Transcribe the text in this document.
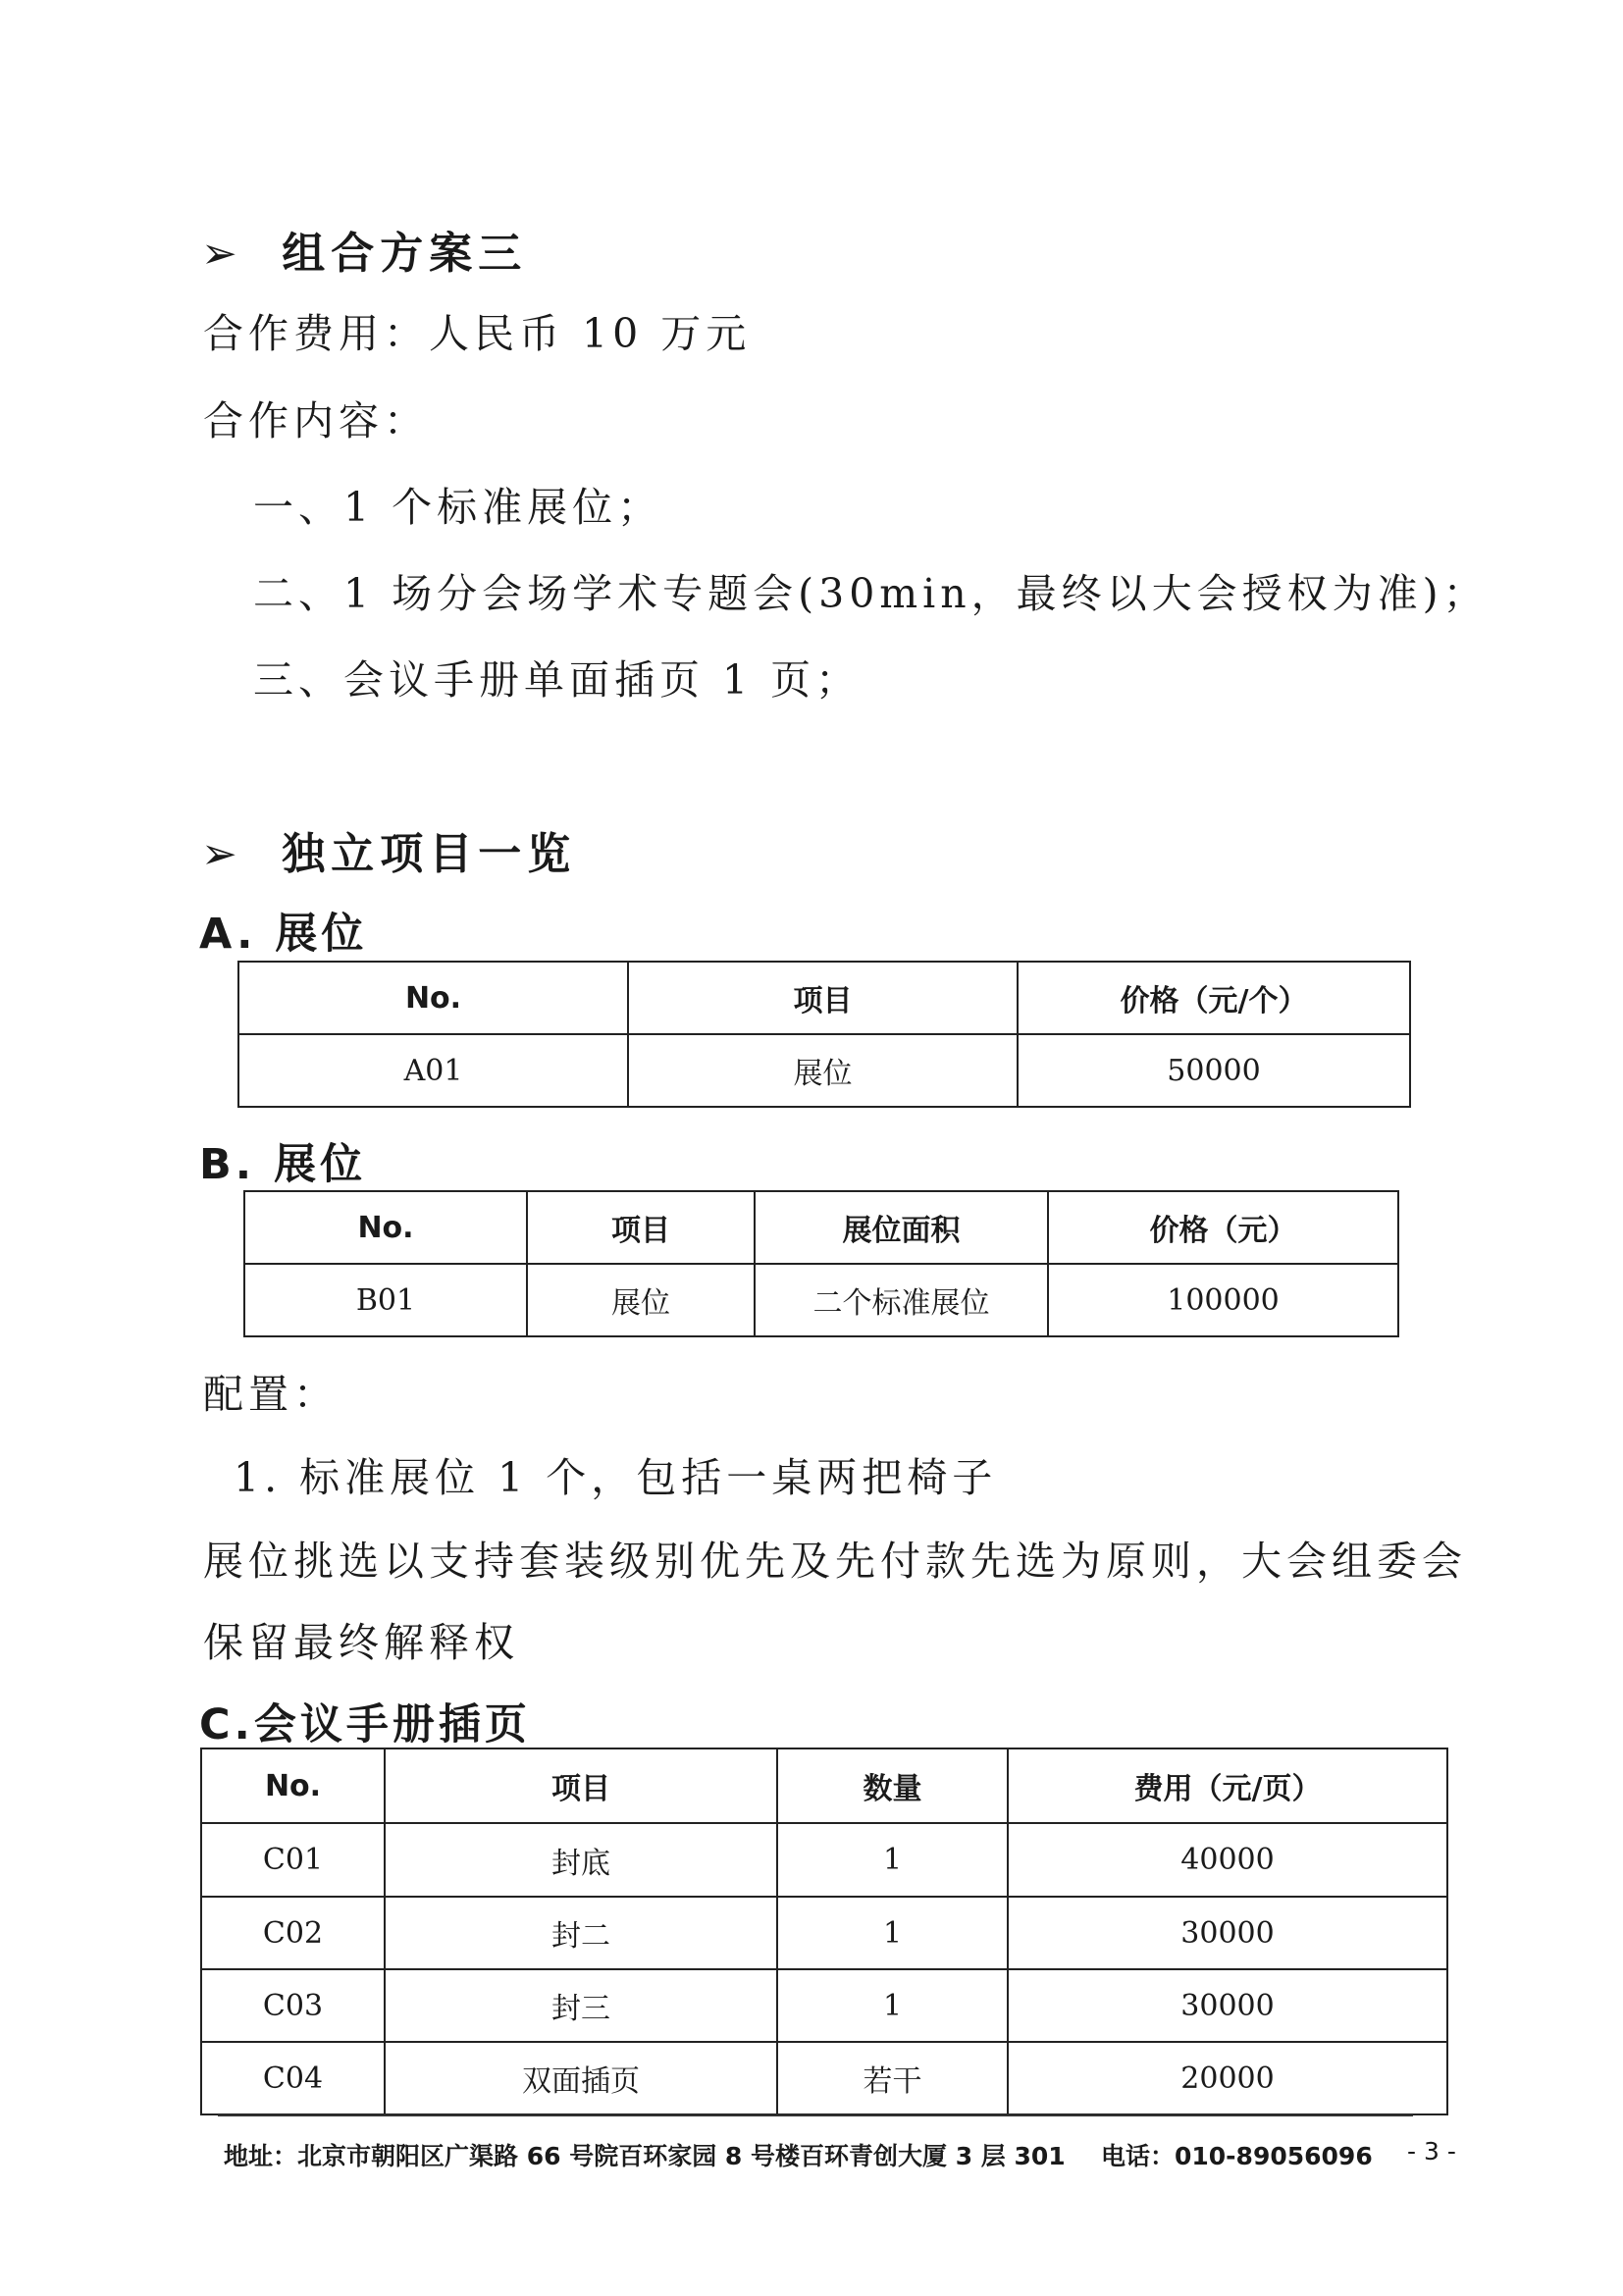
➢ 组合方案三
合作费用：人民币 10 万元
合作内容：
一、1 个标准展位；
二、1 场分会场学术专题会(30min，最终以大会授权为准)；
三、会议手册单面插页 1 页；
➢ 独立项目一览
A. 展位
No.	项目	价格（元/个）
A01	展位	50000
B. 展位
No.	项目	展位面积	价格（元）
B01	展位	二个标准展位	100000
配置：
1. 标准展位 1 个，包括一桌两把椅子
展位挑选以支持套装级别优先及先付款先选为原则，大会组委会
保留最终解释权
C.会议手册插页
No.	项目	数量	费用（元/页）
C01	封底	1	40000
C02	封二	1	30000
C03	封三	1	30000
C04	双面插页	若干	20000
地址：北京市朝阳区广渠路 66 号院百环家园 8 号楼百环青创大厦 3 层 301 电话：010-89056096 - 3 -
